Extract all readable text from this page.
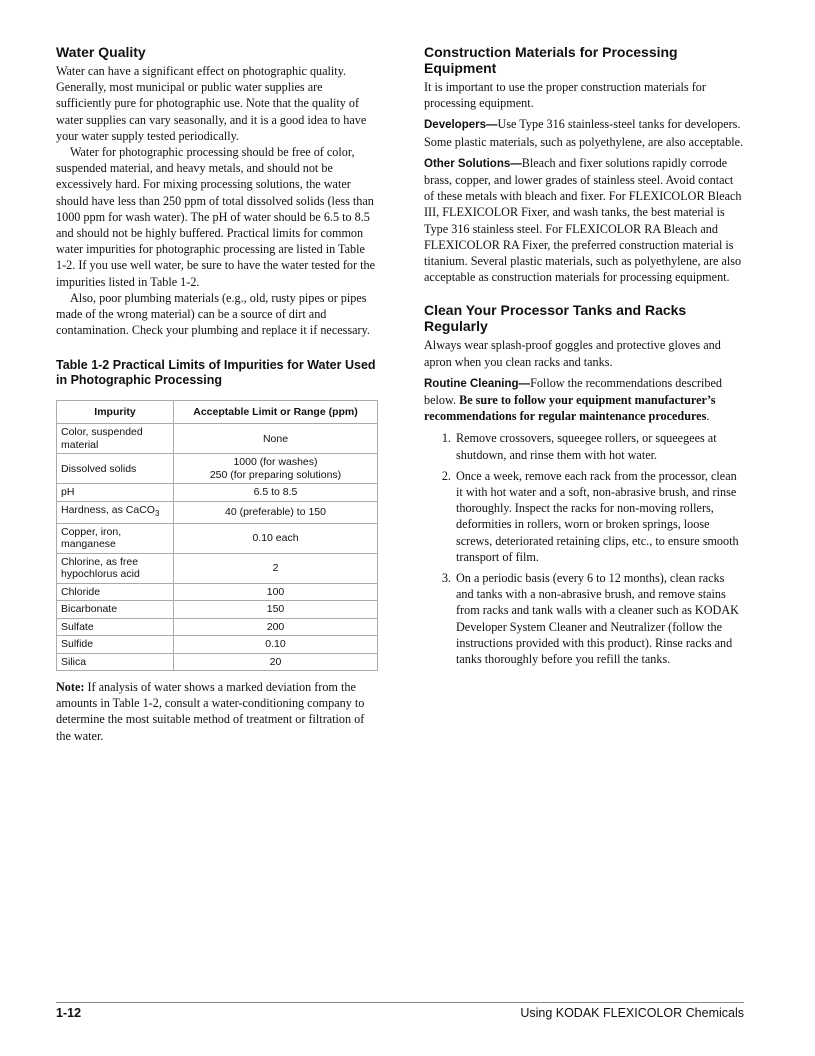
Water Quality

Water can have a significant effect on photographic quality. Generally, most municipal or public water supplies are sufficiently pure for photographic use. Note that the quality of water supplies can vary seasonally, and it is a good idea to have your water supply tested periodically.

Water for photographic processing should be free of color, suspended material, and heavy metals, and should not be excessively hard. For mixing processing solutions, the water should have less than 250 ppm of total dissolved solids (less than 1000 ppm for wash water). The pH of water should be 6.5 to 8.5 and should not be highly buffered. Practical limits for common water impurities for photographic processing are listed in Table 1-2. If you use well water, be sure to have the water tested for the impurities listed in Table 1-2.

Also, poor plumbing materials (e.g., old, rusty pipes or pipes made of the wrong material) can be a source of dirt and contamination. Check your plumbing and replace it if necessary.

Table 1-2 Practical Limits of Impurities for Water Used in Photographic Processing
Impurity	Acceptable Limit or Range (ppm)
Color, suspended material	None
Dissolved solids	1000 (for washes)
250 (for preparing solutions)

pH	6.5 to 8.5
Hardness, as CaCO$_3$	40 (preferable) to 150
Copper, iron, manganese	0.10 each
Chlorine, as free hypochlorus acid	2
Chloride	100
Bicarbonate	150
Sulfate	200
Sulfide	0.10
Silica	20

Note: If analysis of water shows a marked deviation from the amounts in Table 1-2, consult a water-conditioning company to determine the most suitable method of treatment or filtration of the water.

Construction Materials for Processing Equipment

It is important to use the proper construction materials for processing equipment.

Developers—Use Type 316 stainless-steel tanks for developers. Some plastic materials, such as polyethylene, are also acceptable.

Other Solutions—Bleach and fixer solutions rapidly corrode brass, copper, and lower grades of stainless steel. Avoid contact of these metals with bleach and fixer. For FLEXICOLOR Bleach III, FLEXICOLOR Fixer, and wash tanks, the best material is Type 316 stainless steel. For FLEXICOLOR RA Bleach and FLEXICOLOR RA Fixer, the preferred construction material is titanium. Several plastic materials, such as polyethylene, are also acceptable as construction materials for processing equipment.

Clean Your Processor Tanks and Racks Regularly

Always wear splash-proof goggles and protective gloves and apron when you clean racks and tanks.

Routine Cleaning—Follow the recommendations described below. Be sure to follow your equipment manufacturer’s recommendations for regular maintenance procedures.

1. Remove crossovers, squeegee rollers, or squeegees at shutdown, and rinse them with hot water.
2. Once a week, remove each rack from the processor, clean it with hot water and a soft, non-abrasive brush, and rinse thoroughly. Inspect the racks for non-moving rollers, deformities in rollers, worn or broken springs, loose screws, deteriorated retaining clips, etc., to ensure smooth transport of film.
3. On a periodic basis (every 6 to 12 months), clean racks and tanks with a non-abrasive brush, and remove stains from racks and tank walls with a cleaner such as KODAK Developer System Cleaner and Neutralizer (follow the instructions provided with this product). Rinse racks and tanks thoroughly before you refill the tanks.
1-12	Using KODAK FLEXICOLOR Chemicals
